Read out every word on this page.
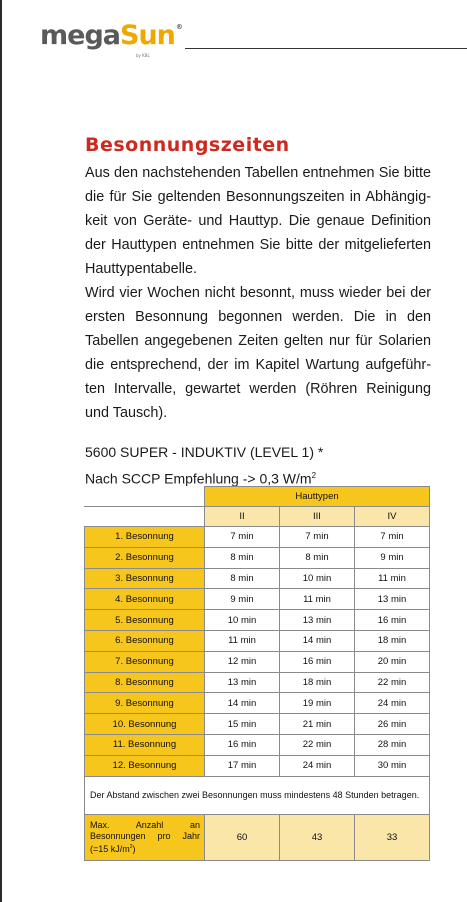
megaSun®
by KBL
Besonnungszeiten

Aus den nachstehenden Tabellen entnehmen Sie bitte die für Sie geltenden Besonnungszeiten in Abhängigkeit von Geräte- und Hauttyp. Die genaue Definition der Hauttypen entnehmen Sie bitte der mitgelieferten Hauttypentabelle.

Wird vier Wochen nicht besonnt, muss wieder bei der ersten Besonnung begonnen werden. Die in den Tabellen angegebenen Zeiten gelten nur für Solarien die entsprechend, der im Kapitel Wartung aufgeführten Intervalle, gewartet werden (Röhren Reinigung und Tausch).

5600 SUPER - INDUKTIV (LEVEL 1) *
Nach SCCP Empfehlung -> 0,3 $W/m^2$
	Hauttypen		
	II	III	IV
1. Besonnung	7 min	7 min	7 min
2. Besonnung	8 min	8 min	9 min
3. Besonnung	8 min	10 min	11 min
4. Besonnung	9 min	11 min	13 min
5. Besonnung	10 min	13 min	16 min
6. Besonnung	11 min	14 min	18 min
7. Besonnung	12 min	16 min	20 min
8. Besonnung	13 min	18 min	22 min
9. Besonnung	14 min	19 min	24 min
10. Besonnung	15 min	21 min	26 min
11. Besonnung	16 min	22 min	28 min
12. Besonnung	17 min	24 min	30 min
Der Abstand zwischen zwei Besonnungen muss mindestens 48 Stunden betragen.			
Max. Anzahl an Besonnungen pro Jahr (=15 $kJ/m^2$)	60	43	33
